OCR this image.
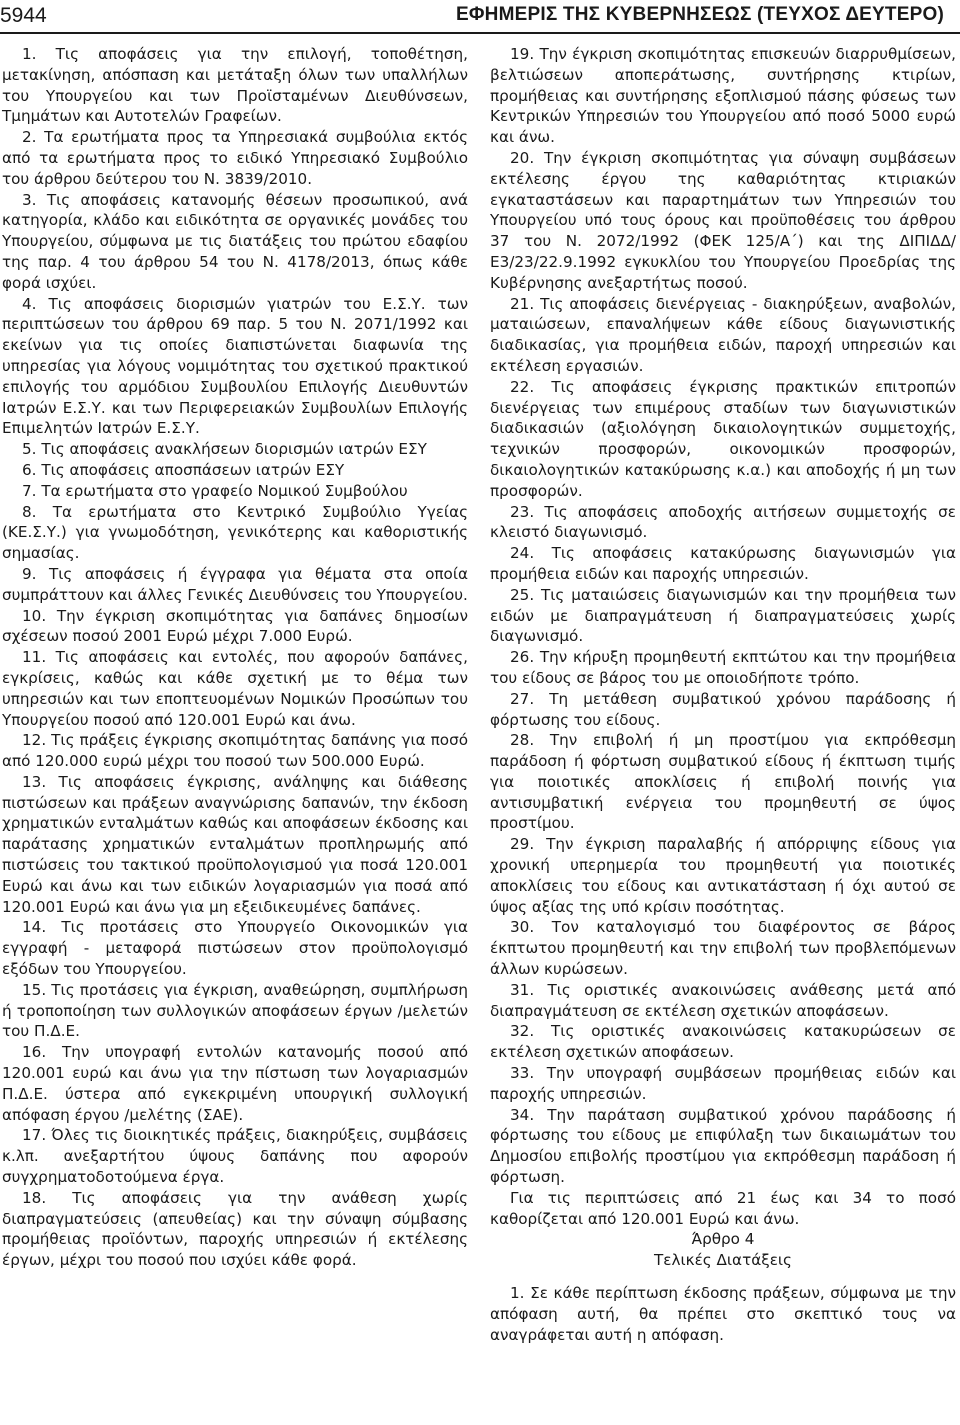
5944	ΕΦΗΜΕΡΙΣ ΤΗΣ ΚΥΒΕΡΝΗΣΕΩΣ (ΤΕΥΧΟΣ ΔΕΥΤΕΡΟ)

1. Τις αποφάσεις για την επιλογή, τοποθέτηση, μετακίνηση, απόσπαση και μετάταξη όλων των υπαλλήλων του Υπουργείου και των Προϊσταμένων Διευθύνσεων, Τμημάτων και Αυτοτελών Γραφείων.

2. Τα ερωτήματα προς τα Υπηρεσιακά συμβούλια εκτός από τα ερωτήματα προς το ειδικό Υπηρεσιακό Συμβούλιο του άρθρου δεύτερου του Ν. 3839/2010.

3. Τις αποφάσεις κατανομής θέσεων προσωπικού, ανά κατηγορία, κλάδο και ειδικότητα σε οργανικές μονάδες του Υπουργείου, σύμφωνα με τις διατάξεις του πρώτου εδαφίου της παρ. 4 του άρθρου 54 του Ν. 4178/2013, όπως κάθε φορά ισχύει.

4. Τις αποφάσεις διορισμών γιατρών του Ε.Σ.Υ. των περιπτώσεων του άρθρου 69 παρ. 5 του Ν. 2071/1992 και εκείνων για τις οποίες διαπιστώνεται διαφωνία της υπηρεσίας για λόγους νομιμότητας του σχετικού πρακτικού επιλογής του αρμόδιου Συμβουλίου Επιλογής Διευθυντών Ιατρών Ε.Σ.Υ. και των Περιφερειακών Συμβουλίων Επιλογής Επιμελητών Ιατρών Ε.Σ.Υ.

5. Τις αποφάσεις ανακλήσεων διορισμών ιατρών ΕΣΥ

6. Τις αποφάσεις αποσπάσεων ιατρών ΕΣΥ

7. Τα ερωτήματα στο γραφείο Νομικού Συμβούλου

8. Τα ερωτήματα στο Κεντρικό Συμβούλιο Υγείας (ΚΕ.Σ.Υ.) για γνωμοδότηση, γενικότερης και καθοριστικής σημασίας.

9. Τις αποφάσεις ή έγγραφα για θέματα στα οποία συμπράττουν και άλλες Γενικές Διευθύνσεις του Υπουργείου.

10. Την έγκριση σκοπιμότητας για δαπάνες δημοσίων σχέσεων ποσού 2001 Ευρώ μέχρι 7.000 Ευρώ.

11. Τις αποφάσεις και εντολές, που αφορούν δαπάνες, εγκρίσεις, καθώς και κάθε σχετική με το θέμα των υπηρεσιών και των εποπτευομένων Νομικών Προσώπων του Υπουργείου ποσού από 120.001 Ευρώ και άνω.

12. Τις πράξεις έγκρισης σκοπιμότητας δαπάνης για ποσό από 120.000 ευρώ μέχρι του ποσού των 500.000 Ευρώ.

13. Τις αποφάσεις έγκρισης, ανάληψης και διάθεσης πιστώσεων και πράξεων αναγνώρισης δαπανών, την έκδοση χρηματικών ενταλμάτων καθώς και αποφάσεων έκδοσης και παράτασης χρηματικών ενταλμάτων προπληρωμής από πιστώσεις του τακτικού προϋπολογισμού για ποσά 120.001 Ευρώ και άνω και των ειδικών λογαριασμών για ποσά από 120.001 Ευρώ και άνω για μη εξειδικευμένες δαπάνες.

14. Τις προτάσεις στο Υπουργείο Οικονομικών για εγγραφή - μεταφορά πιστώσεων στον προϋπολογισμό εξόδων του Υπουργείου.

15. Τις προτάσεις για έγκριση, αναθεώρηση, συμπλήρωση ή τροποποίηση των συλλογικών αποφάσεων έργων /μελετών του Π.Δ.Ε.

16. Την υπογραφή εντολών κατανομής ποσού από 120.001 ευρώ και άνω για την πίστωση των λογαριασμών Π.Δ.Ε. ύστερα από εγκεκριμένη υπουργική συλλογική απόφαση έργου /μελέτης (ΣΑΕ).

17. Όλες τις διοικητικές πράξεις, διακηρύξεις, συμβάσεις κ.λπ. ανεξαρτήτου ύψους δαπάνης που αφορούν συγχρηματοδοτούμενα έργα.

18. Τις αποφάσεις για την ανάθεση χωρίς διαπραγματεύσεις (απευθείας) και την σύναψη σύμβασης προμήθειας προϊόντων, παροχής υπηρεσιών ή εκτέλεσης έργων, μέχρι του ποσού που ισχύει κάθε φορά.

19. Την έγκριση σκοπιμότητας επισκευών διαρρυθμίσεων, βελτιώσεων αποπεράτωσης, συντήρησης κτιρίων, προμήθειας και συντήρησης εξοπλισμού πάσης φύσεως των Κεντρικών Υπηρεσιών του Υπουργείου από ποσό 5000 ευρώ και άνω.

20. Την έγκριση σκοπιμότητας για σύναψη συμβάσεων εκτέλεσης έργου της καθαριότητας κτιριακών εγκαταστάσεων και παραρτημάτων των Υπηρεσιών του Υπουργείου υπό τους όρους και προϋποθέσεις του άρθρου 37 του Ν. 2072/1992 (ΦΕΚ 125/Α΄) και της ΔΙΠΙΔΔ/ Ε3/23/22.9.1992 εγκυκλίου του Υπουργείου Προεδρίας της Κυβέρνησης ανεξαρτήτως ποσού.

21. Τις αποφάσεις διενέργειας - διακηρύξεων, αναβολών, ματαιώσεων, επαναλήψεων κάθε είδους διαγωνιστικής διαδικασίας, για προμήθεια ειδών, παροχή υπηρεσιών και εκτέλεση εργασιών.

22. Τις αποφάσεις έγκρισης πρακτικών επιτροπών διενέργειας των επιμέρους σταδίων των διαγωνιστικών διαδικασιών (αξιολόγηση δικαιολογητικών συμμετοχής, τεχνικών προσφορών, οικονομικών προσφορών, δικαιολογητικών κατακύρωσης κ.α.) και αποδοχής ή μη των προσφορών.

23. Τις αποφάσεις αποδοχής αιτήσεων συμμετοχής σε κλειστό διαγωνισμό.

24. Τις αποφάσεις κατακύρωσης διαγωνισμών για προμήθεια ειδών και παροχής υπηρεσιών.

25. Τις ματαιώσεις διαγωνισμών και την προμήθεια των ειδών με διαπραγμάτευση ή διαπραγματεύσεις χωρίς διαγωνισμό.

26. Την κήρυξη προμηθευτή εκπτώτου και την προμήθεια του είδους σε βάρος του με οποιοδήποτε τρόπο.

27. Τη μετάθεση συμβατικού χρόνου παράδοσης ή φόρτωσης του είδους.

28. Την επιβολή ή μη προστίμου για εκπρόθεσμη παράδοση ή φόρτωση συμβατικού είδους ή έκπτωση τιμής για ποιοτικές αποκλίσεις ή επιβολή ποινής για αντισυμβατική ενέργεια του προμηθευτή σε ύψος προστίμου.

29. Την έγκριση παραλαβής ή απόρριψης είδους για χρονική υπερημερία του προμηθευτή για ποιοτικές αποκλίσεις του είδους και αντικατάσταση ή όχι αυτού σε ύψος αξίας της υπό κρίσιν ποσότητας.

30. Τον καταλογισμό του διαφέροντος σε βάρος έκπτωτου προμηθευτή και την επιβολή των προβλεπόμενων άλλων κυρώσεων.

31. Τις οριστικές ανακοινώσεις ανάθεσης μετά από διαπραγμάτευση σε εκτέλεση σχετικών αποφάσεων.

32. Τις οριστικές ανακοινώσεις κατακυρώσεων σε εκτέλεση σχετικών αποφάσεων.

33. Την υπογραφή συμβάσεων προμήθειας ειδών και παροχής υπηρεσιών.

34. Την παράταση συμβατικού χρόνου παράδοσης ή φόρτωσης του είδους με επιφύλαξη των δικαιωμάτων του Δημοσίου επιβολής προστίμου για εκπρόθεσμη παράδοση ή φόρτωση.

Για τις περιπτώσεις από 21 έως και 34 το ποσό καθορίζεται από 120.001 Ευρώ και άνω.

Άρθρο 4

Τελικές Διατάξεις

1. Σε κάθε περίπτωση έκδοσης πράξεων, σύμφωνα με την απόφαση αυτή, θα πρέπει στο σκεπτικό τους να αναγράφεται αυτή η απόφαση.
